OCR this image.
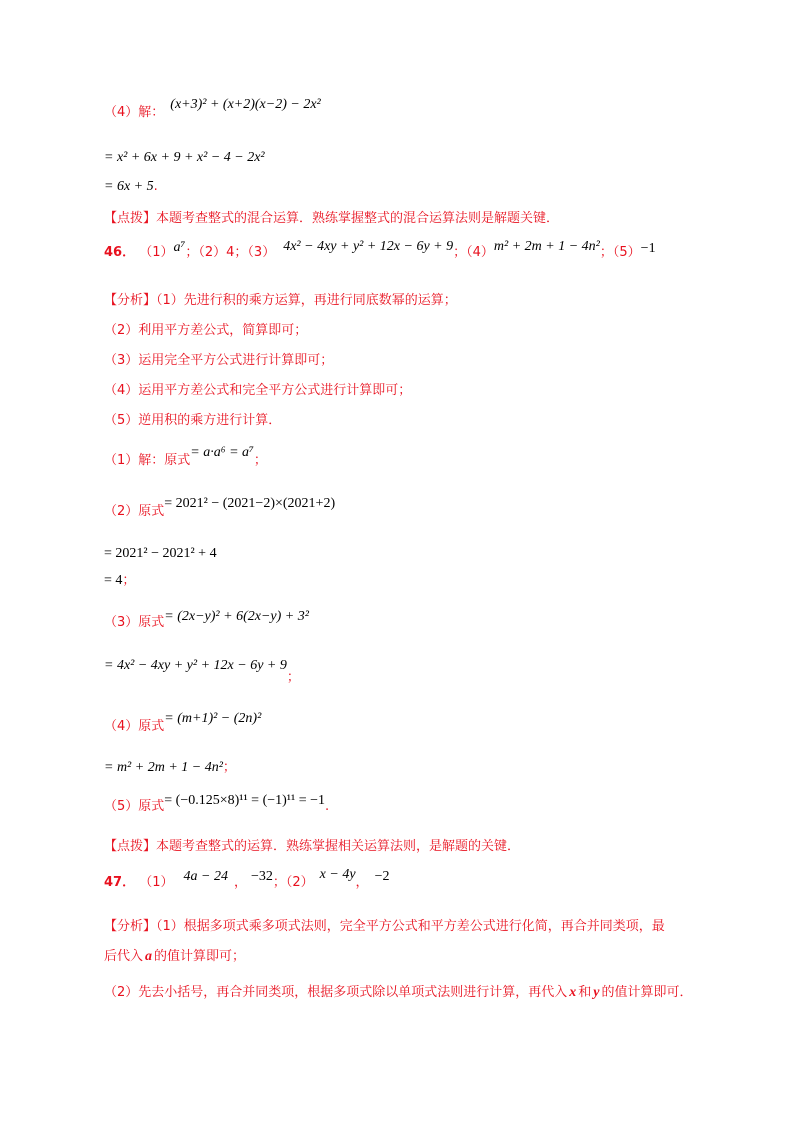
（4）解：(x+3)² + (x+2)(x−2) − 2x²
= x² + 6x + 9 + x² − 4 − 2x²
= 6x + 5.
【点拨】本题考查整式的混合运算．熟练掌握整式的混合运算法则是解题关键．
46． （1）a⁷；（2）4；（3） 4x² − 4xy + y² + 12x − 6y + 9；（4）m² + 2m + 1 − 4n²；（5）−1
【分析】（1）先进行积的乘方运算，再进行同底数幂的运算；
（2）利用平方差公式，简算即可；
（3）运用完全平方公式进行计算即可；
（4）运用平方差公式和完全平方公式进行计算即可；
（5）逆用积的乘方进行计算．
（1）解：原式= a·a⁶ = a⁷；
（2）原式= 2021² − (2021−2)×(2021+2)
= 2021² − 2021² + 4
= 4；
（3）原式= (2x−y)² + 6(2x−y) + 3²
= 4x² − 4xy + y² + 12x − 6y + 9；
（4）原式= (m+1)² − (2n)²
= m² + 2m + 1 − 4n²；
（5）原式= (−0.125×8)¹¹ = (−1)¹¹ = −1.
【点拨】本题考查整式的运算．熟练掌握相关运算法则，是解题的关键．
47． （1） 4a − 24 ， −32；（2）x − 4y， −2
【分析】（1）根据多项式乘多项式法则，完全平方公式和平方差公式进行化简，再合并同类项，最
后代入 a 的值计算即可；
（2）先去小括号，再合并同类项，根据多项式除以单项式法则进行计算，再代入 x 和 y 的值计算即可．
